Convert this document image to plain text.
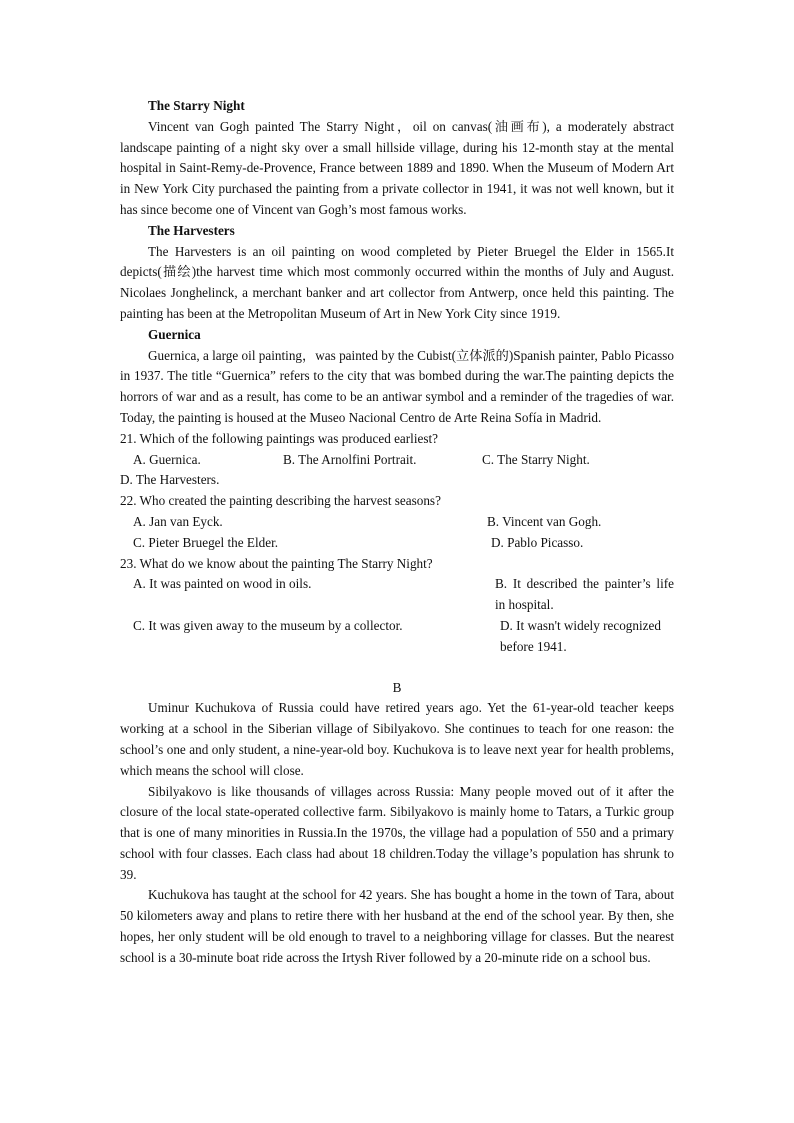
The Starry Night

Vincent van Gogh painted The Starry Night，oil on canvas(油画布), a moderately abstract landscape painting of a night sky over a small hillside village, during his 12-month stay at the mental hospital in Saint-Remy-de-Provence, France between 1889 and 1890. When the Museum of Modern Art in New York City purchased the painting from a private collector in 1941, it was not well known, but it has since become one of Vincent van Gogh’s most famous works.

The Harvesters

The Harvesters is an oil painting on wood completed by Pieter Bruegel the Elder in 1565.It depicts(描绘)the harvest time which most commonly occurred within the months of July and August. Nicolaes Jonghelinck, a merchant banker and art collector from Antwerp, once held this painting. The painting has been at the Metropolitan Museum of Art in New York City since 1919.

Guernica

Guernica, a large oil painting，was painted by the Cubist(立体派的)Spanish painter, Pablo Picasso in 1937. The title “Guernica” refers to the city that was bombed during the war.The painting depicts the horrors of war and as a result, has come to be an antiwar symbol and a reminder of the tragedies of war. Today, the painting is housed at the Museo Nacional Centro de Arte Reina Sofía in Madrid.

21. Which of the following paintings was produced earliest?

A. Guernica.	B. The Arnolfini Portrait.	C. The Starry Night.

D. The Harvesters.

22. Who created the painting describing the harvest seasons?

A. Jan van Eyck.	B. Vincent van Gogh.
C. Pieter Bruegel the Elder.	D. Pablo Picasso.

23. What do we know about the painting The Starry Night?

A. It was painted on wood in oils.	B. It described the painter’s life in hospital.

C. It was given away to the museum by a collector.	D. It wasn't widely recognized before 1941.

B

Uminur Kuchukova of Russia could have retired years ago. Yet the 61-year-old teacher keeps working at a school in the Siberian village of Sibilyakovo. She continues to teach for one reason: the school’s one and only student, a nine-year-old boy. Kuchukova is to leave next year for health problems, which means the school will close.

Sibilyakovo is like thousands of villages across Russia: Many people moved out of it after the closure of the local state-operated collective farm. Sibilyakovo is mainly home to Tatars, a Turkic group that is one of many minorities in Russia.In the 1970s, the village had a population of 550 and a primary school with four classes. Each class had about 18 children.Today the village’s population has shrunk to 39.

Kuchukova has taught at the school for 42 years. She has bought a home in the town of Tara, about 50 kilometers away and plans to retire there with her husband at the end of the school year. By then, she hopes, her only student will be old enough to travel to a neighboring village for classes. But the nearest school is a 30-minute boat ride across the Irtysh River followed by a 20-minute ride on a school bus.
